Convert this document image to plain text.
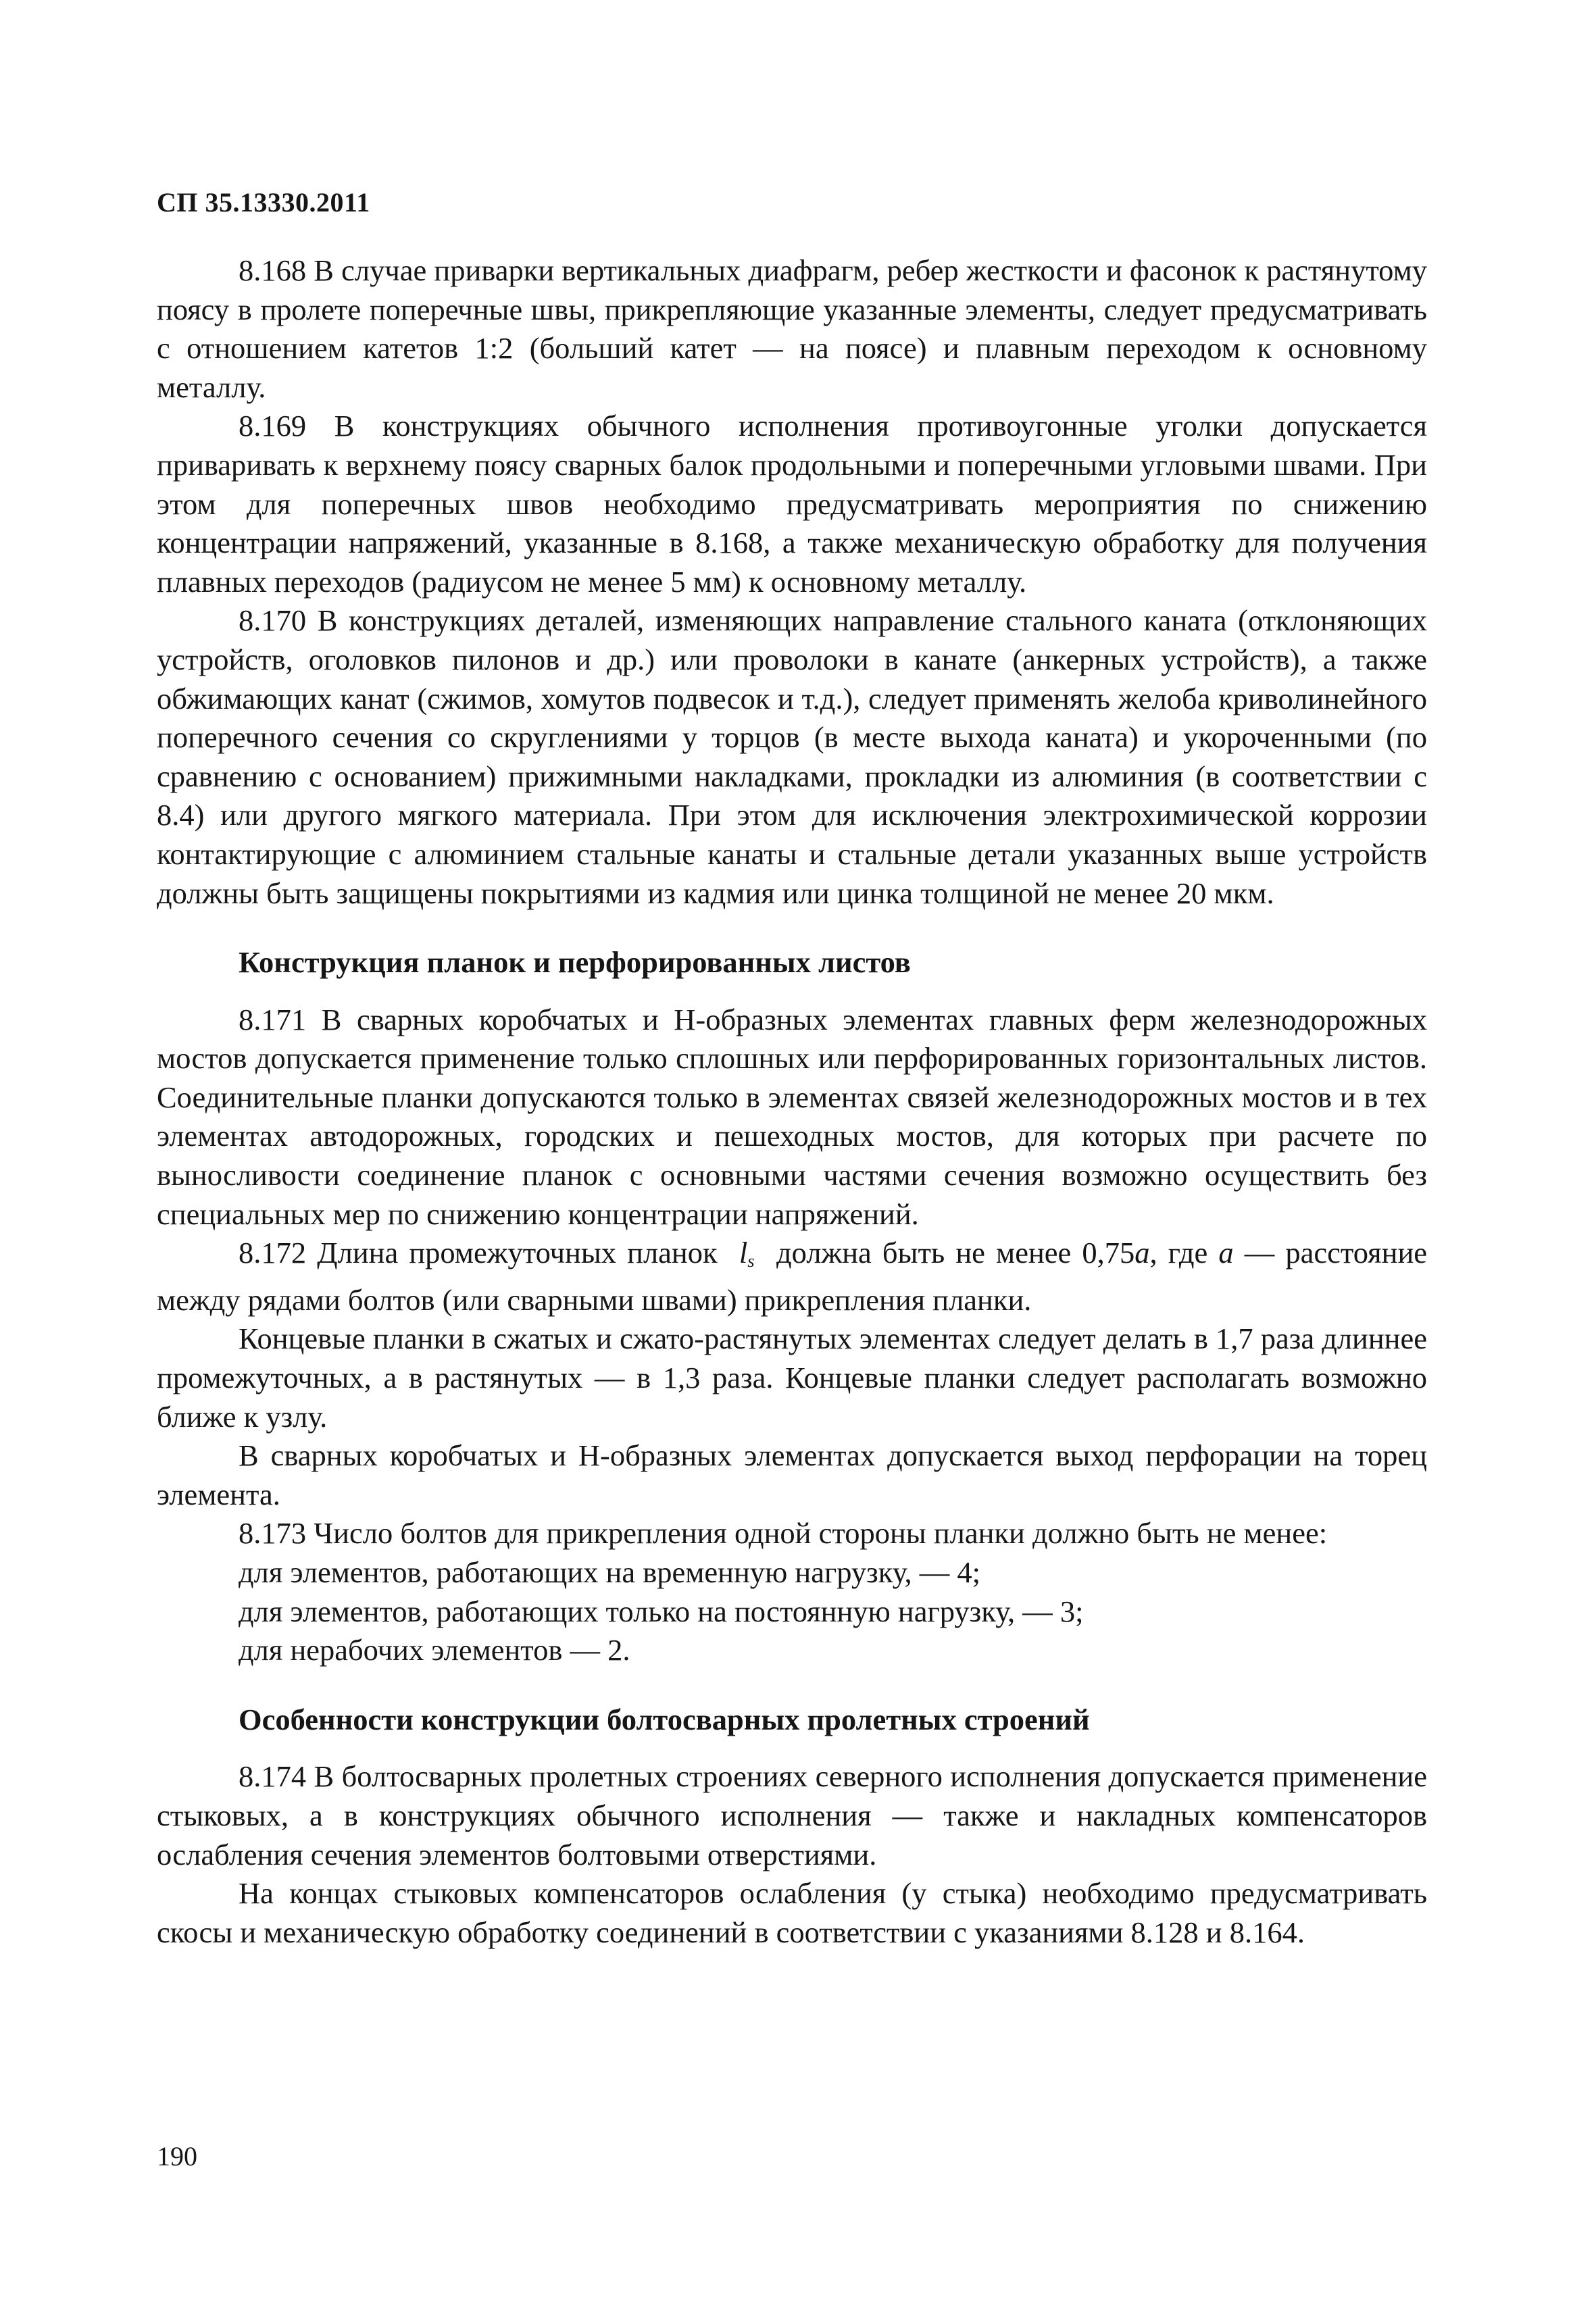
СП 35.13330.2011

8.168 В случае приварки вертикальных диафрагм, ребер жесткости и фасонок к растянутому поясу в пролете поперечные швы, прикрепляющие указанные элементы, следует предусматривать с отношением катетов 1:2 (больший катет — на поясе) и плавным переходом к основному металлу.

8.169 В конструкциях обычного исполнения противоугонные уголки допускается приваривать к верхнему поясу сварных балок продольными и поперечными угловыми швами. При этом для поперечных швов необходимо предусматривать мероприятия по снижению концентрации напряжений, указанные в 8.168, а также механическую обработку для получения плавных переходов (радиусом не менее 5 мм) к основному металлу.

8.170 В конструкциях деталей, изменяющих направление стального каната (отклоняющих устройств, оголовков пилонов и др.) или проволоки в канате (анкерных устройств), а также обжимающих канат (сжимов, хомутов подвесок и т.д.), следует применять желоба криволинейного поперечного сечения со скруглениями у торцов (в месте выхода каната) и укороченными (по сравнению с основанием) прижимными накладками, прокладки из алюминия (в соответствии с 8.4) или другого мягкого материала. При этом для исключения электрохимической коррозии контактирующие с алюминием стальные канаты и стальные детали указанных выше устройств должны быть защищены покрытиями из кадмия или цинка толщиной не менее 20 мкм.

Конструкция планок и перфорированных листов

8.171 В сварных коробчатых и Н-образных элементах главных ферм железнодорожных мостов допускается применение только сплошных или перфорированных горизонтальных листов. Соединительные планки допускаются только в элементах связей железнодорожных мостов и в тех элементах автодорожных, городских и пешеходных мостов, для которых при расчете по выносливости соединение планок с основными частями сечения возможно осуществить без специальных мер по снижению концентрации напряжений.

8.172 Длина промежуточных планок $l_s$ должна быть не менее 0,75a, где a — расстояние между рядами болтов (или сварными швами) прикрепления планки.

Концевые планки в сжатых и сжато-растянутых элементах следует делать в 1,7 раза длиннее промежуточных, а в растянутых — в 1,3 раза. Концевые планки следует располагать возможно ближе к узлу.

В сварных коробчатых и Н-образных элементах допускается выход перфорации на торец элемента.

8.173 Число болтов для прикрепления одной стороны планки должно быть не менее:

для элементов, работающих на временную нагрузку, — 4;

для элементов, работающих только на постоянную нагрузку, — 3;

для нерабочих элементов — 2.

Особенности конструкции болтосварных пролетных строений

8.174 В болтосварных пролетных строениях северного исполнения допускается применение стыковых, а в конструкциях обычного исполнения — также и накладных компенсаторов ослабления сечения элементов болтовыми отверстиями.

На концах стыковых компенсаторов ослабления (у стыка) необходимо предусматривать скосы и механическую обработку соединений в соответствии с указаниями 8.128 и 8.164.

190
